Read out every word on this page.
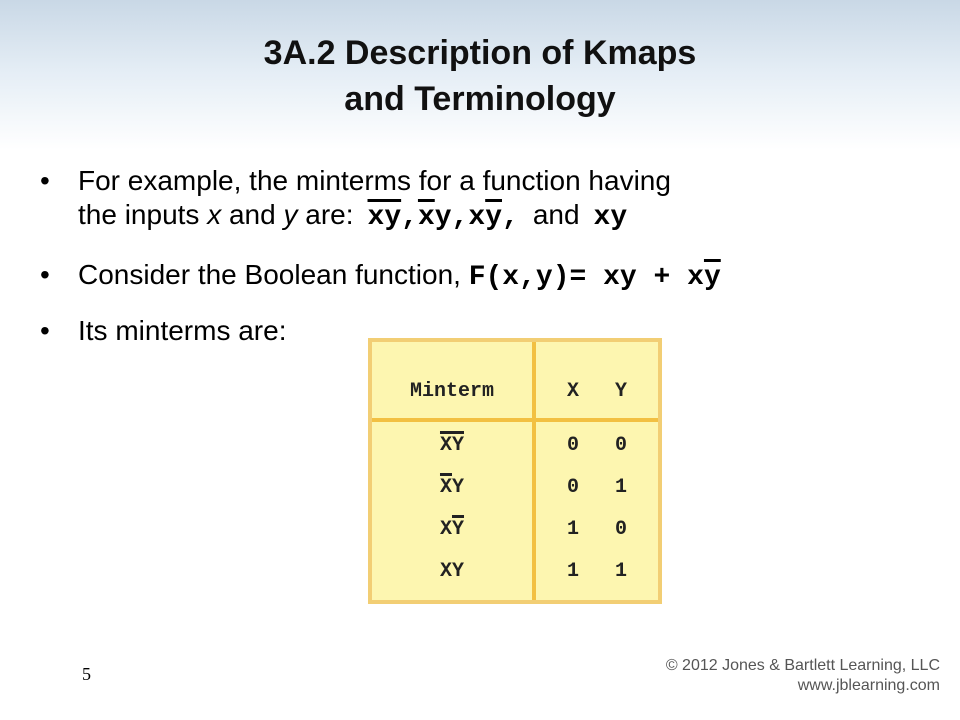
3A.2 Description of Kmaps
and Terminology
• For example, the minterms for a function having
the inputs x and y are: $\overline{xy},\overline{x}y,x\overline{y}$, and xy
• Consider the Boolean function, F(x,y)= xy + $x\overline{y}$
• Its minterms are:
Minterm	X   Y
$\overline{XY}$	0 0
$\overline{X}Y$	0 1
$X\overline{Y}$	1 0
XY	1 1
5	© 2012 Jones & Bartlett Learning, LLC
www.jblearning.com
